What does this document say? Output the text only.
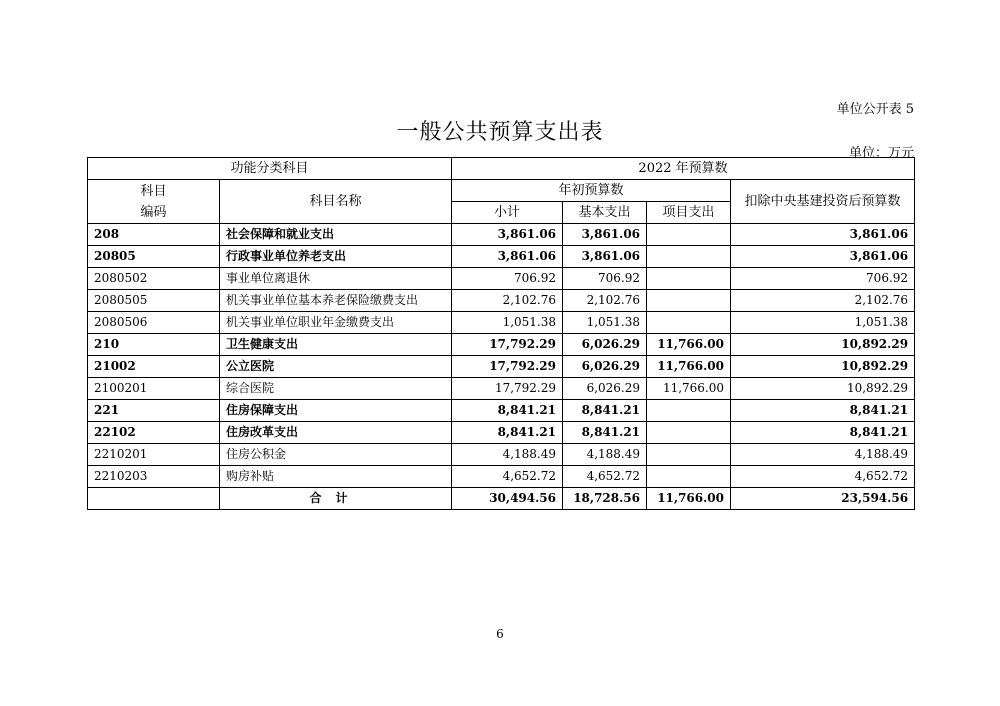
单位公开表 5
一般公共预算支出表
单位：万元
功能分类科目		2022 年预算数			
科目
编码	科目名称	年初预算数			扣除中央基建投资后预算数
		小计	基本支出	项目支出	
208	社会保障和就业支出	3,861.06	3,861.06		3,861.06
20805	行政事业单位养老支出	3,861.06	3,861.06		3,861.06
2080502	事业单位离退休	706.92	706.92		706.92
2080505	机关事业单位基本养老保险缴费支出	2,102.76	2,102.76		2,102.76
2080506	机关事业单位职业年金缴费支出	1,051.38	1,051.38		1,051.38
210	卫生健康支出	17,792.29	6,026.29	11,766.00	10,892.29
21002	公立医院	17,792.29	6,026.29	11,766.00	10,892.29
2100201	综合医院	17,792.29	6,026.29	11,766.00	10,892.29
221	住房保障支出	8,841.21	8,841.21		8,841.21
22102	住房改革支出	8,841.21	8,841.21		8,841.21
2210201	住房公积金	4,188.49	4,188.49		4,188.49
2210203	购房补贴	4,652.72	4,652.72		4,652.72
	合计	30,494.56	18,728.56	11,766.00	23,594.56
6
